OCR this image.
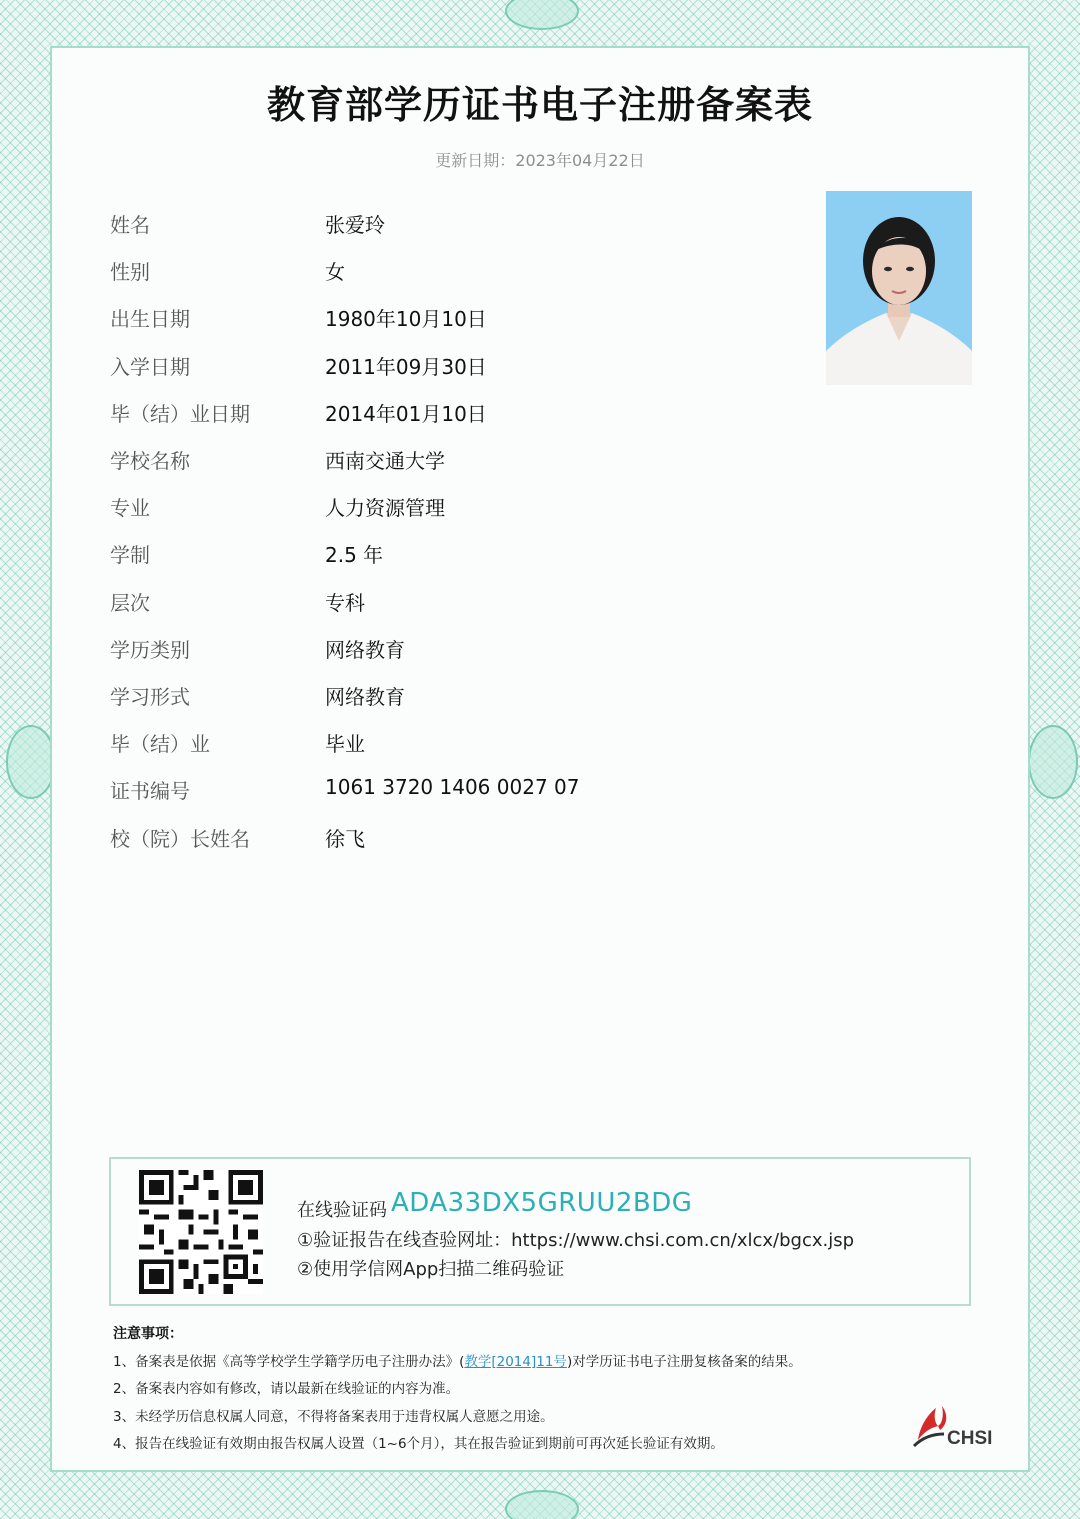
教育部学历证书电子注册备案表
更新日期：2023年04月22日
姓名	张爱玲
性别	女
出生日期	1980年10月10日
入学日期	2011年09月30日
毕（结）业日期	2014年01月10日
学校名称	西南交通大学
专业	人力资源管理
学制	2.5 年
层次	专科
学历类别	网络教育
学习形式	网络教育
毕（结）业	毕业
证书编号	1061 3720 1406 0027 07
校（院）长姓名	徐飞
在线验证码 ADA33DX5GRUU2BDG
①验证报告在线查验网址：https://www.chsi.com.cn/xlcx/bgcx.jsp
②使用学信网App扫描二维码验证
注意事项：
1、备案表是依据《高等学校学生学籍学历电子注册办法》(教学[2014]11号)对学历证书电子注册复核备案的结果。
2、备案表内容如有修改，请以最新在线验证的内容为准。
3、未经学历信息权属人同意，不得将备案表用于违背权属人意愿之用途。
4、报告在线验证有效期由报告权属人设置（1~6个月），其在报告验证到期前可再次延长验证有效期。	CHSI
